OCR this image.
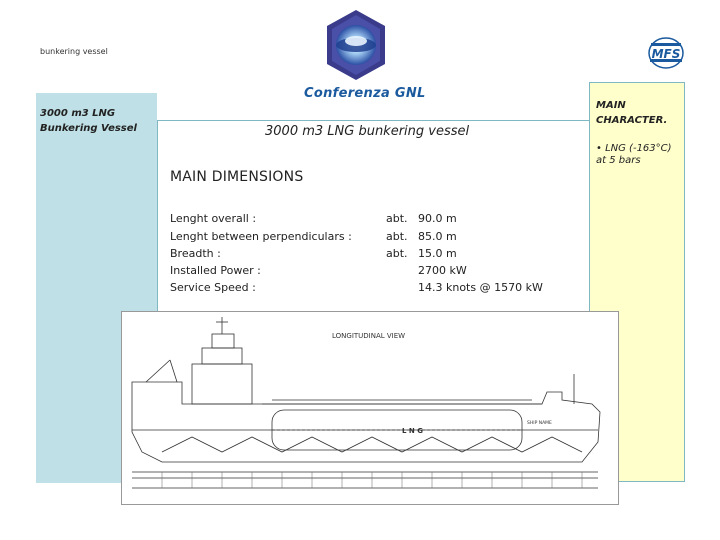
bunkering vessel
Conferenza GNL
MFS
3000 m3 LNG Bunkering Vessel
MAIN CHARACTER.
• LNG (-163°C) at 5 bars
3000 m3 LNG bunkering vessel
MAIN DIMENSIONS
Lenght overall :	abt. 90.0 m
Lenght between perpendiculars :	abt. 85.0 m
Breadth :	abt. 15.0 m
Installed Power :	2700 kW
Service Speed :	14.3 knots @ 1570 kW
LONGITUDINAL VIEW
L N G
SHIP NAME
